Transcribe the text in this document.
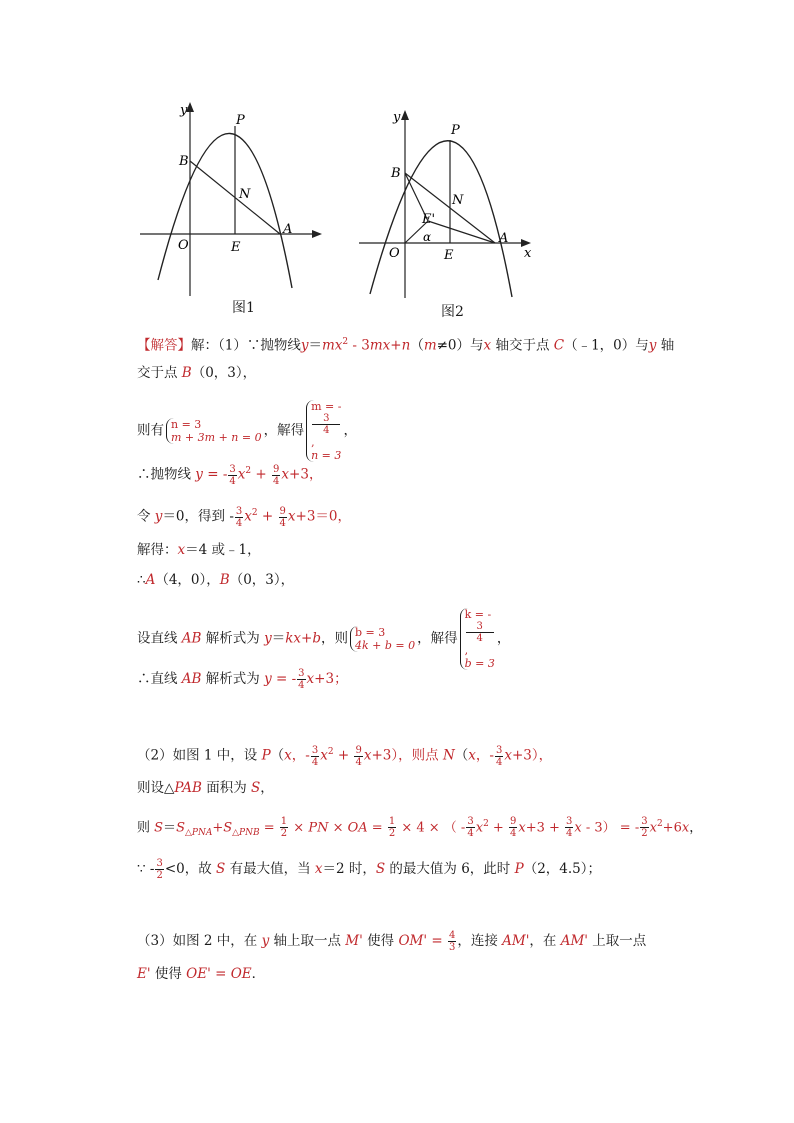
y
P
B
N
A
O	E
图1
y
P
B
N
E'
α	A
x
O	E
图2
【解答】解：（1）∵抛物线$y=mx^2 - 3mx+n(m\ne 0)$与x 轴交于点 C（﹣1，0）与y 轴
交于点 B（0，3），
则有 n = 3
m + 3m + n = 0 ，解得
m = -
3
4
,
n = 3
，
∴抛物线 y = - $\frac{3}{4} x^2 + \frac{9}{4} x+3$，
令 y＝0，得到 - $\frac{3}{4} x^2 + \frac{9}{4} x+3=0$，
解得：x＝4 或﹣1，
∴A（4，0），B（0，3），
设直线 AB 解析式为 y＝kx+b，则 b = 3
4k + b = 0 ，解得
k = -
3
4
,
b = 3
，
∴直线 AB 解析式为 y = - $\frac{3}{4} x+3$；
（2）如图 1 中，设 P（x，- $\frac{3}{4} x^2 + \frac{9}{4} x+3$），则点 N（x，- $\frac{3}{4} x+3$），
则设△PAB 面积为 S，
则 $S=S_{\triangle PNA}+S_{\triangle PNB} = \frac{1}{2}$ × PN × OA = $\frac{1}{2} \times 4$ × （ - $\frac{3}{4} x^2 + \frac{9}{4} x+3 + \frac{3}{4}$ x - 3） = - $\frac{3}{2} x^2+6x$，
∵ - $\frac{3}{2} <0$，故 S 有最大值，当 x＝2 时，S 的最大值为 6，此时 P（2，4.5）；
（3）如图 2 中，在 y 轴上取一点 M' 使得 $OM' = \frac{4}{3}$ ，连接 AM'，在 AM' 上取一点
E' 使得 OE' = OE．
